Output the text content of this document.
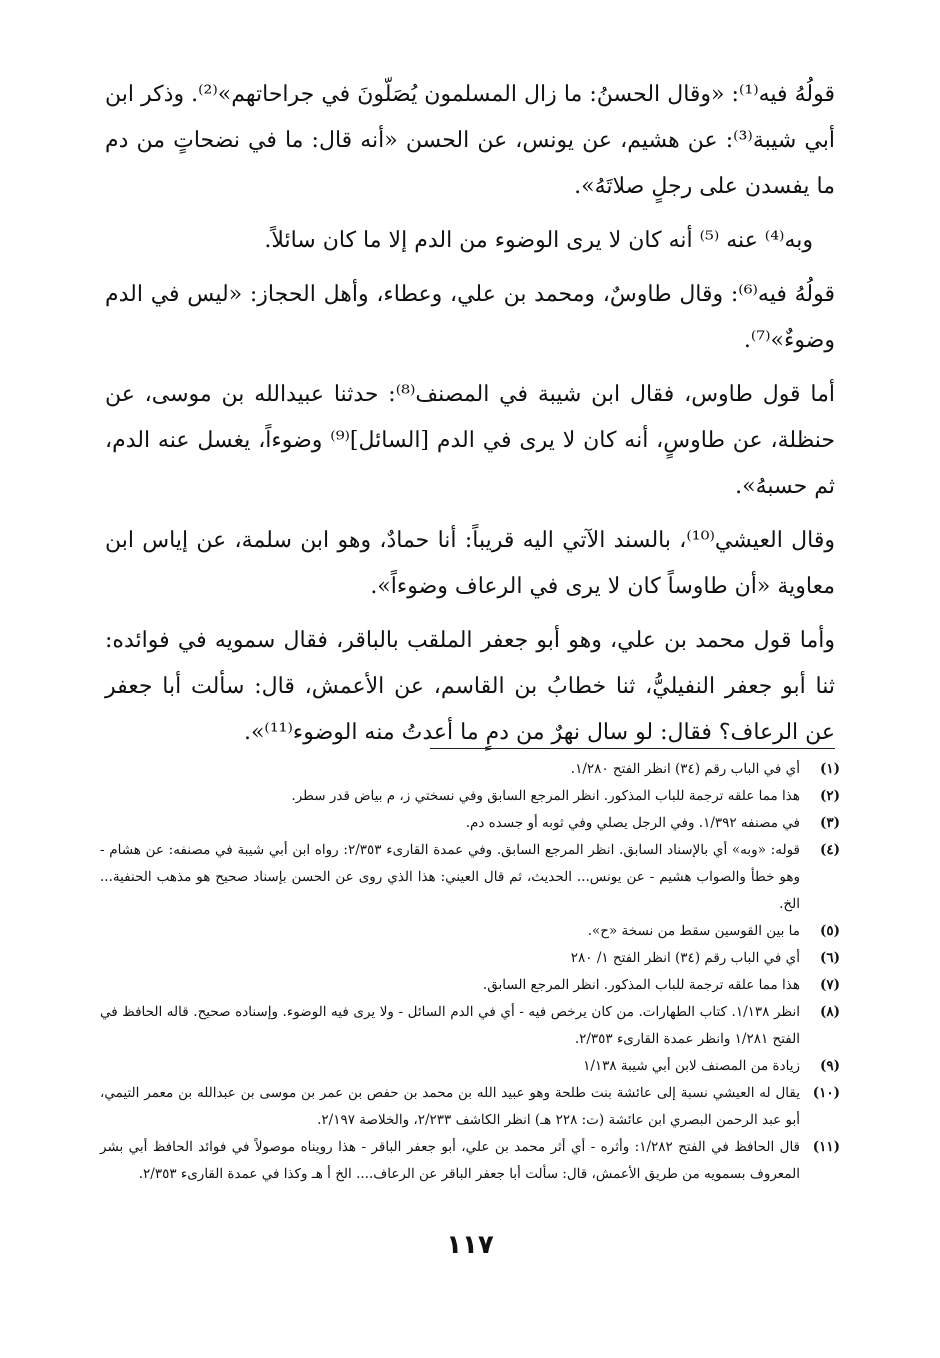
قولُهُ فيه⁽¹⁾: «وقال الحسنُ: ما زال المسلمون يُصَلّونَ في جراحاتهم»⁽²⁾. وذكر ابن أبي شيبة⁽³⁾: عن هشيم، عن يونس، عن الحسن «أنه قال: ما في نضحاتٍ من دم ما يفسدن على رجلٍ صلاتَهُ».

وبه⁽⁴⁾ عنه ⁽⁵⁾ أنه كان لا يرى الوضوء من الدم إلا ما كان سائلاً.

قولُهُ فيه⁽⁶⁾: وقال طاوسٌ، ومحمد بن علي، وعطاء، وأهل الحجاز: «ليس في الدم وضوءٌ»⁽⁷⁾.

أما قول طاوس، فقال ابن شيبة في المصنف⁽⁸⁾: حدثنا عبيدالله بن موسى، عن حنظلة، عن طاوسٍ، أنه كان لا يرى في الدم [السائل]⁽⁹⁾ وضوءاً، يغسل عنه الدم، ثم حسبهُ».

وقال العيشي⁽¹⁰⁾، بالسند الآتي اليه قريباً: أنا حمادٌ، وهو ابن سلمة، عن إياس ابن معاوية «أن طاوساً كان لا يرى في الرعاف وضوءاً».

وأما قول محمد بن علي، وهو أبو جعفر الملقب بالباقر، فقال سمويه في فوائده: ثنا أبو جعفر النفيليُّ، ثنا خطابُ بن القاسم، عن الأعمش، قال: سألت أبا جعفر عن الرعاف؟ فقال: لو سال نهرٌ من دمٍ ما أعدتُ منه الوضوء⁽¹¹⁾».

(١)
أي في الباب رقم (٣٤) انظر الفتح ١/٢٨٠.
(٢)
هذا مما علقه ترجمة للباب المذكور. انظر المرجع السابق وفي نسختي ز، م بياض قدر سطر.
(٣)
في مصنفه ١/٣٩٢. وفي الرجل يصلي وفي ثوبه أو جسده دم.
(٤)
قوله: «وبه» أي بالإسناد السابق. انظر المرجع السابق. وفي عمدة القارىء ٢/٣٥٣: رواه ابن أبي شيبة في مصنفه: عن هشام - وهو خطأ والصواب هشيم - عن يونس... الحديث، ثم قال العيني: هذا الذي روى عن الحسن بإسناد صحيح هو مذهب الحنفية... الخ.
(٥)
ما بين القوسين سقط من نسخة «ح».
(٦)
أي في الباب رقم (٣٤) انظر الفتح ١/ ٢٨٠
(٧)
هذا مما علقه ترجمة للباب المذكور. انظر المرجع السابق.
(٨)
انظر ١/١٣٨. كتاب الطهارات. من كان يرخص فيه - أي في الدم السائل - ولا يرى فيه الوضوء. وإسناده صحيح. قاله الحافظ في الفتح ١/٢٨١ وانظر عمدة القارىء ٢/٣٥٣.
(٩)
زيادة من المصنف لابن أبي شيبة ١/١٣٨
(١٠)
يقال له العيشي نسبة إلى عائشة بنت طلحة وهو عبيد الله بن محمد بن حفص بن عمر بن موسى بن عبدالله بن معمر التيمي، أبو عبد الرحمن البصري ابن عائشة (ت: ٢٢٨ هـ) انظر الكاشف ٢/٢٣٣، والخلاصة ٢/١٩٧.
(١١)
قال الحافظ في الفتح ١/٢٨٢: وأثره - أي أثر محمد بن علي، أبو جعفر الباقر - هذا رويناه موصولاً في فوائد الحافظ أبي بشر المعروف بسمويه من طريق الأعمش، قال: سألت أبا جعفر الباقر عن الرعاف.... الخ أ هـ وكذا في عمدة القارىء ٢/٣٥٣.
١١٧
